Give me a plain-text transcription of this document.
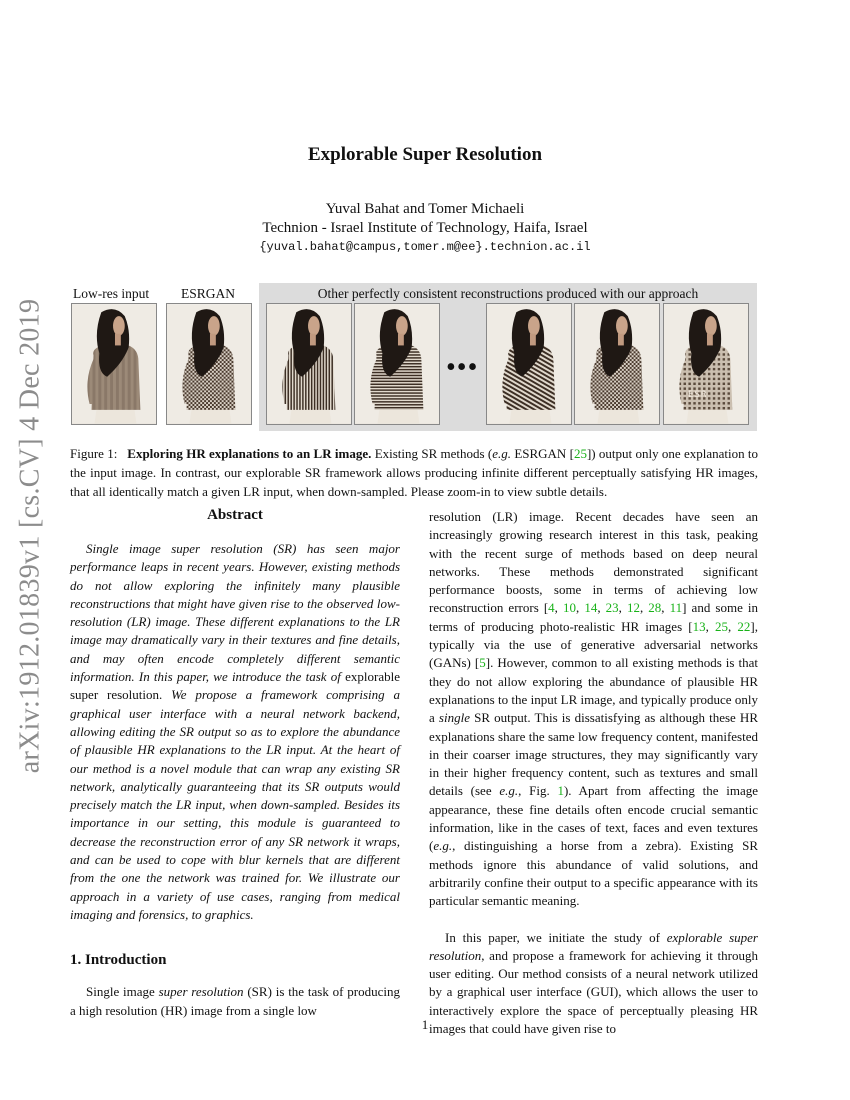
arXiv:1912.01839v1 [cs.CV] 4 Dec 2019
Explorable Super Resolution
Yuval Bahat and Tomer Michaeli
Technion - Israel Institute of Technology, Haifa, Israel
{yuval.bahat@campus,tomer.m@ee}.technion.ac.il
Low-res input ESRGAN	Other perfectly consistent reconstructions produced with our approach
ESR
•••

Figure 1: Exploring HR explanations to an LR image. Existing SR methods (e.g. ESRGAN [25]) output only one explanation to the input image. In contrast, our explorable SR framework allows producing infinite different perceptually satisfying HR images, that all identically match a given LR input, when down-sampled. Please zoom-in to view subtle details.

Abstract

Single image super resolution (SR) has seen major performance leaps in recent years. However, existing methods do not allow exploring the infinitely many plausible reconstructions that might have given rise to the observed low-resolution (LR) image. These different explanations to the LR image may dramatically vary in their textures and fine details, and may often encode completely different semantic information. In this paper, we introduce the task of explorable super resolution. We propose a framework comprising a graphical user interface with a neural network backend, allowing editing the SR output so as to explore the abundance of plausible HR explanations to the LR input. At the heart of our method is a novel module that can wrap any existing SR network, analytically guaranteeing that its SR outputs would precisely match the LR input, when down-sampled. Besides its importance in our setting, this module is guaranteed to decrease the reconstruction error of any SR network it wraps, and can be used to cope with blur kernels that are different from the one the network was trained for. We illustrate our approach in a variety of use cases, ranging from medical imaging and forensics, to graphics.

1. Introduction

Single image super resolution (SR) is the task of producing a high resolution (HR) image from a single low

resolution (LR) image. Recent decades have seen an increasingly growing research interest in this task, peaking with the recent surge of methods based on deep neural networks. These methods demonstrated significant performance boosts, some in terms of achieving low reconstruction errors [4, 10, 14, 23, 12, 28, 11] and some in terms of producing photo-realistic HR images [13, 25, 22], typically via the use of generative adversarial networks (GANs) [5]. However, common to all existing methods is that they do not allow exploring the abundance of plausible HR explanations to the input LR image, and typically produce only a single SR output. This is dissatisfying as although these HR explanations share the same low frequency content, manifested in their coarser image structures, they may significantly vary in their higher frequency content, such as textures and small details (see e.g., Fig. 1). Apart from affecting the image appearance, these fine details often encode crucial semantic information, like in the cases of text, faces and even textures (e.g., distinguishing a horse from a zebra). Existing SR methods ignore this abundance of valid solutions, and arbitrarily confine their output to a specific appearance with its particular semantic meaning.

In this paper, we initiate the study of explorable super resolution, and propose a framework for achieving it through user editing. Our method consists of a neural network utilized by a graphical user interface (GUI), which allows the user to interactively explore the space of perceptually pleasing HR images that could have given rise to

1
